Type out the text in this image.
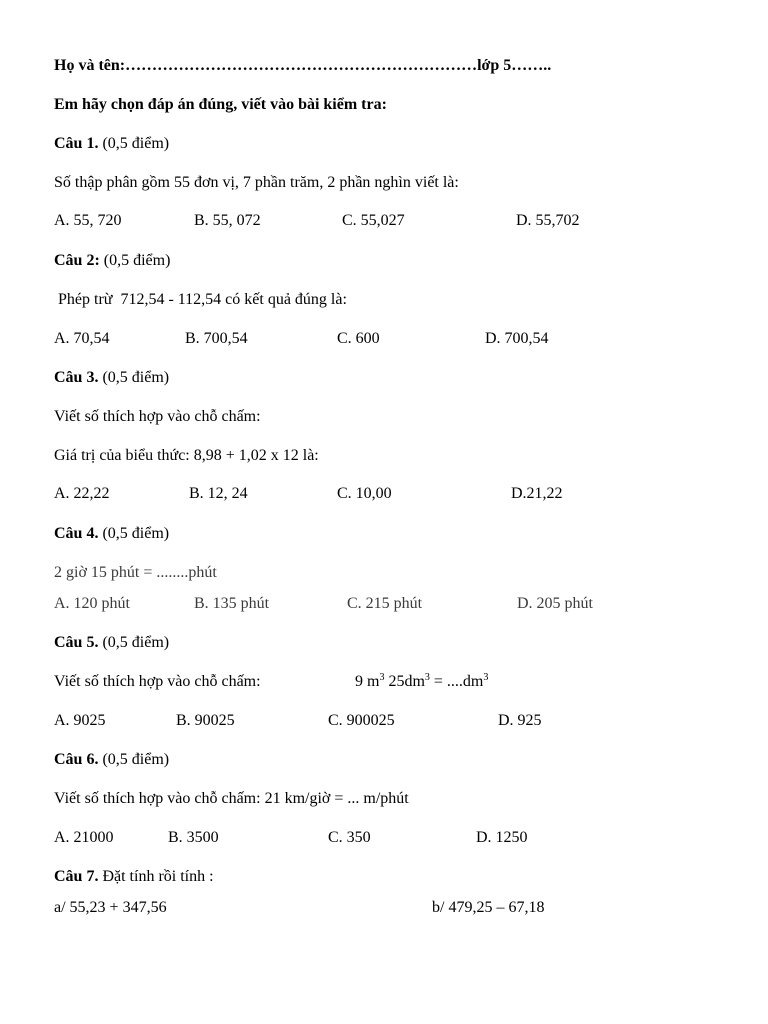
Họ và tên:…………………………………………………………lớp 5……..
Em hãy chọn đáp án đúng, viết vào bài kiểm tra:
Câu 1. (0,5 điểm)
Số thập phân gồm 55 đơn vị, 7 phần trăm, 2 phần nghìn viết là:
A. 55, 720	B. 55, 072	C. 55,027	D. 55,702
Câu 2: (0,5 điểm)
Phép trừ  712,54 - 112,54 có kết quả đúng là:
A. 70,54	B. 700,54	C. 600	D. 700,54
Câu 3. (0,5 điểm)
Viết số thích hợp vào chỗ chấm:
Giá trị của biểu thức: 8,98 + 1,02 x 12 là:
A. 22,22	B. 12, 24	C. 10,00	D.21,22
Câu 4. (0,5 điểm)
2 giờ 15 phút = ........phút
A. 120 phút	B. 135 phút	C. 215 phút	D. 205 phút
Câu 5. (0,5 điểm)
Viết số thích hợp vào chỗ chấm:	9 $m^3$ $25dm^3 = ....dm^3$
A. 9025	B. 90025	C. 900025	D. 925
Câu 6. (0,5 điểm)
Viết số thích hợp vào chỗ chấm: 21 km/giờ = ... m/phút
A. 21000	B. 3500	C. 350	D. 1250
Câu 7. Đặt tính rồi tính :
a/ 55,23 + 347,56	b/ 479,25 – 67,18
